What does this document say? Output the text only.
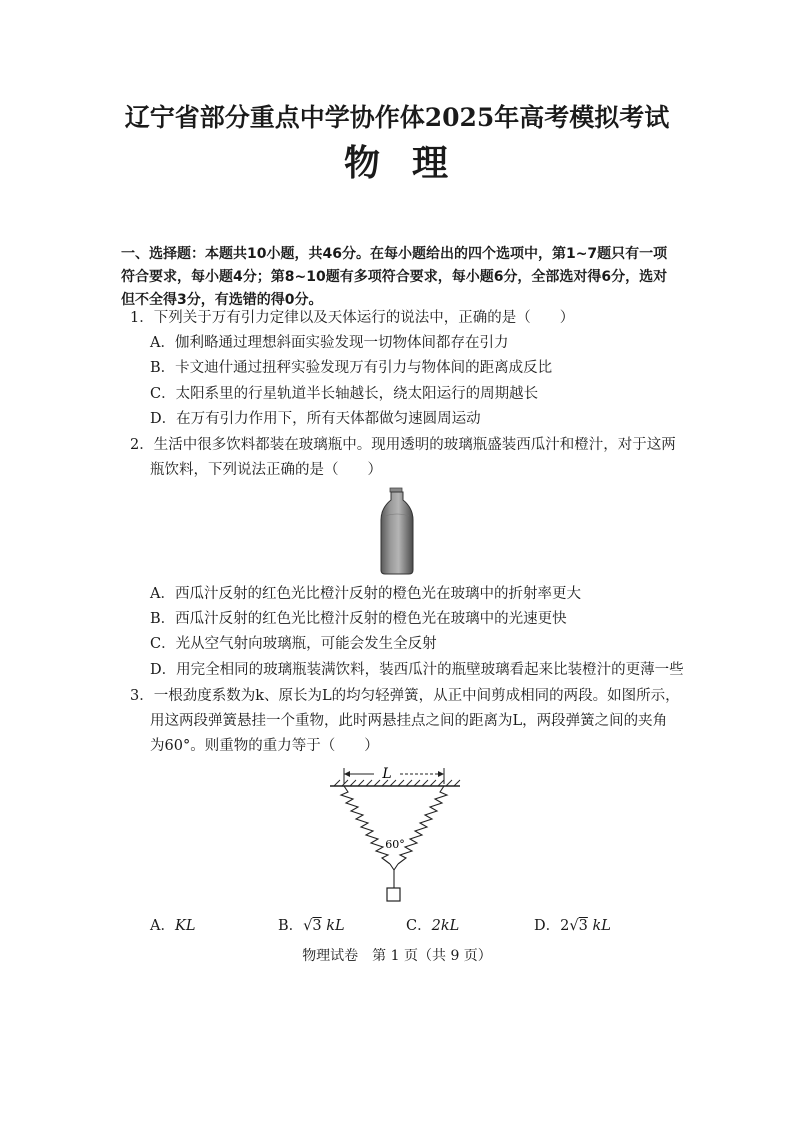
辽宁省部分重点中学协作体2025年高考模拟考试
物 理
一、选择题：本题共10小题，共46分。在每小题给出的四个选项中，第1~7题只有一项符合要求，每小题4分；第8~10题有多项符合要求，每小题6分，全部选对得6分，选对但不全得3分，有选错的得0分。
1．下列关于万有引力定律以及天体运行的说法中，正确的是（　　）
A．伽利略通过理想斜面实验发现一切物体间都存在引力
B．卡文迪什通过扭秤实验发现万有引力与物体间的距离成反比
C．太阳系里的行星轨道半长轴越长，绕太阳运行的周期越长
D．在万有引力作用下，所有天体都做匀速圆周运动
2．生活中很多饮料都装在玻璃瓶中。现用透明的玻璃瓶盛装西瓜汁和橙汁，对于这两
瓶饮料，下列说法正确的是（　　）
A．西瓜汁反射的红色光比橙汁反射的橙色光在玻璃中的折射率更大
B．西瓜汁反射的红色光比橙汁反射的橙色光在玻璃中的光速更快
C．光从空气射向玻璃瓶，可能会发生全反射
D．用完全相同的玻璃瓶装满饮料，装西瓜汁的瓶壁玻璃看起来比装橙汁的更薄一些
3．一根劲度系数为k、原长为L的均匀轻弹簧，从正中间剪成相同的两段。如图所示，
用这两段弹簧悬挂一个重物，此时两悬挂点之间的距离为L，两段弹簧之间的夹角
为60°。则重物的重力等于（　　）
L
60°
A．KL	B．√3 kL	C．2kL	D．2√3 kL
物理试卷　第 1 页（共 9 页）
